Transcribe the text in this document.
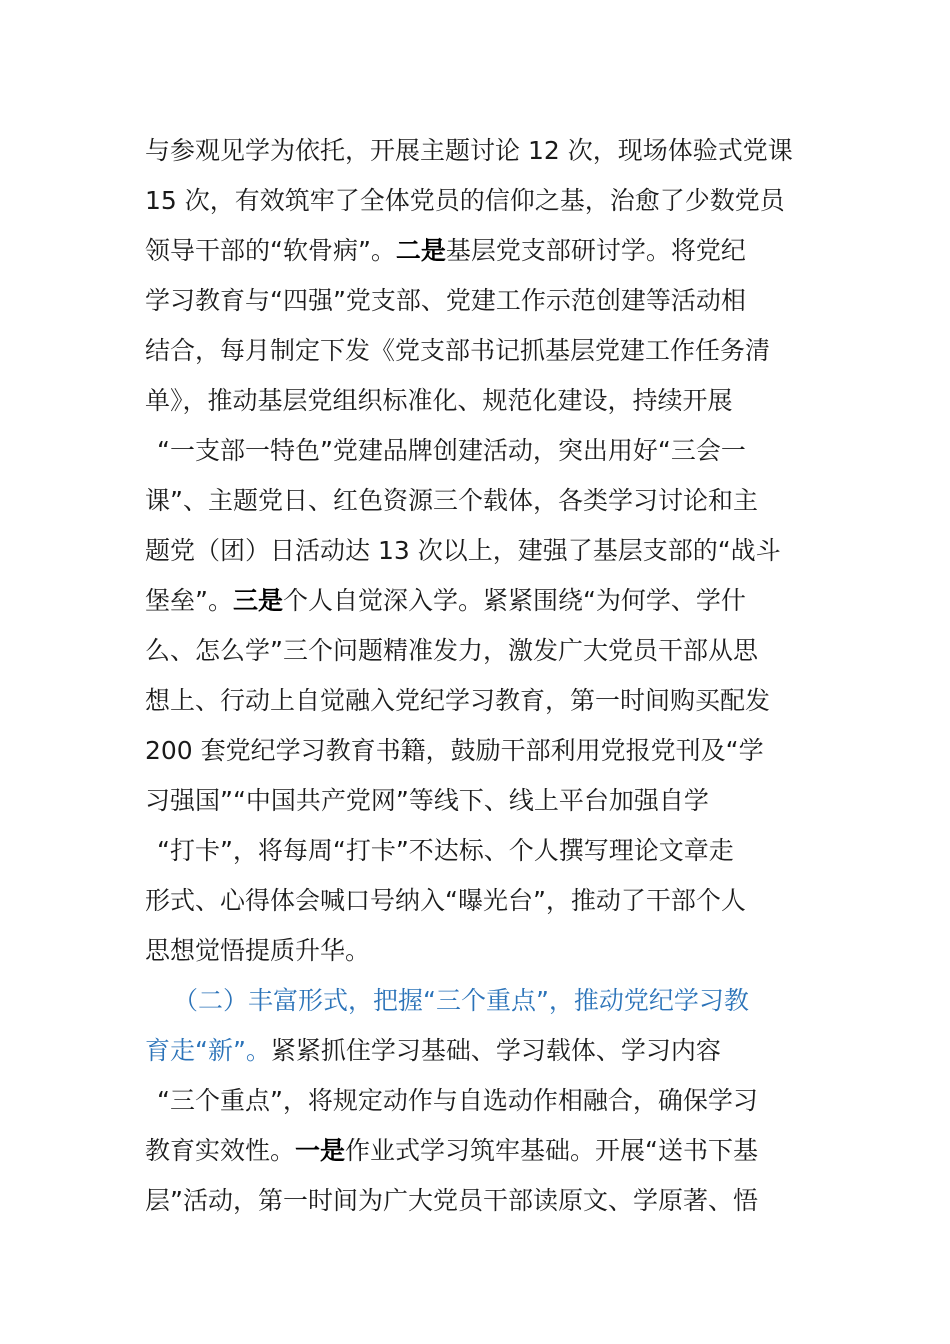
与参观见学为依托，开展主题讨论 12 次，现场体验式党课
15 次，有效筑牢了全体党员的信仰之基，治愈了少数党员
领导干部的“软骨病”。二是基层党支部研讨学。将党纪
学习教育与“四强”党支部、党建工作示范创建等活动相
结合，每月制定下发《党支部书记抓基层党建工作任务清
单》，推动基层党组织标准化、规范化建设，持续开展
“一支部一特色”党建品牌创建活动，突出用好“三会一
课”、主题党日、红色资源三个载体，各类学习讨论和主
题党（团）日活动达 13 次以上，建强了基层支部的“战斗
堡垒”。三是个人自觉深入学。紧紧围绕“为何学、学什
么、怎么学”三个问题精准发力，激发广大党员干部从思
想上、行动上自觉融入党纪学习教育，第一时间购买配发
200 套党纪学习教育书籍，鼓励干部利用党报党刊及“学
习强国”“中国共产党网”等线下、线上平台加强自学
“打卡”，将每周“打卡”不达标、个人撰写理论文章走
形式、心得体会喊口号纳入“曝光台”，推动了干部个人
思想觉悟提质升华。
（二）丰富形式，把握“三个重点”，推动党纪学习教
育走“新”。紧紧抓住学习基础、学习载体、学习内容
“三个重点”，将规定动作与自选动作相融合，确保学习
教育实效性。一是作业式学习筑牢基础。开展“送书下基
层”活动，第一时间为广大党员干部读原文、学原著、悟
